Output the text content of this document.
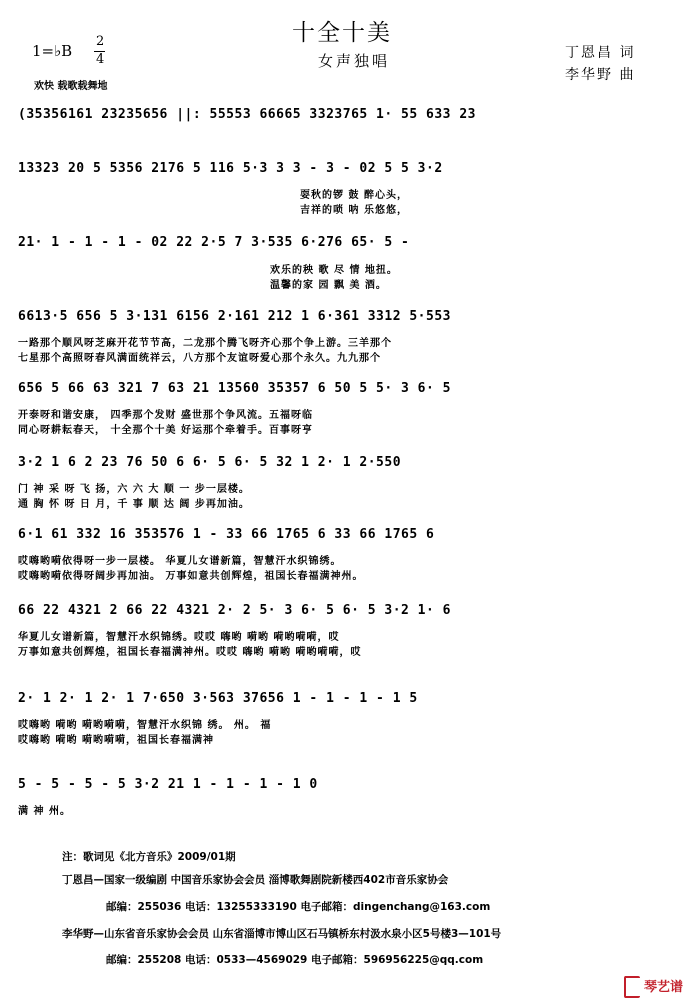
十全十美
女声独唱
1=♭B
2
4
欢快 载歌载舞地
丁恩昌 词
李华野 曲
(35356161 23235656 ||: 55553 66665 3323765 1· 55 633 23
13323 20 5 5356 2176 5 116 5·3 3 3 - 3 - 02 5 5 3·2
耍秋的锣 鼓 醉心头，
吉祥的唢 呐 乐悠悠，
21· 1 - 1 - 1 - 02 22 2·5 7 3·535 6·276 65· 5 -
欢乐的秧 歌 尽 情 地扭。
温馨的家 园 飘 美 酒。
6613·5 656 5 3·131 6156 2·161 212 1 6·361 3312 5·553
一路那个顺风呀芝麻开花节节高，二龙那个腾飞呀齐心那个争上游。三羊那个
七星那个高照呀春风满面统祥云，八方那个友谊呀爱心那个永久。九九那个
656 5 66 63 321 7 63 21 13560 35357 6 50 5 5· 3 6· 5
开泰呀和谐安康， 四季那个发财 盛世那个争风流。五福呀临
同心呀耕耘春天， 十全那个十美 好运那个牵着手。百事呀亨
3·2 1 6 2 23 76 50 6 6· 5 6· 5 32 1 2· 1 2·550
门 神 采 呀 飞 扬，六 六 大 顺 一 步一层楼。
通 胸 怀 呀 日 月，千 事 顺 达 阔 步再加油。
6·1 61 332 16 353576 1 - 33 66 1765 6 33 66 1765 6
哎嗨哟嗬依得呀一步一层楼。 华夏儿女谱新篇，智慧汗水织锦绣。
哎嗨哟嗬依得呀阔步再加油。 万事如意共创辉煌，祖国长春福满神州。
66 22 4321 2 66 22 4321 2· 2 5· 3 6· 5 6· 5 3·2 1· 6
华夏儿女谱新篇，智慧汗水织锦绣。哎哎 嗨哟 嗬哟 嗬哟嗬嗬，哎
万事如意共创辉煌，祖国长春福满神州。哎哎 嗨哟 嗬哟 嗬哟嗬嗬，哎
2· 1 2· 1 2· 1 7·650 3·563 37656 1 - 1 - 1 - 1 5
哎嗨哟 嗬哟 嗬哟嗬嗬，智慧汗水织锦 绣。 州。 福
哎嗨哟 嗬哟 嗬哟嗬嗬，祖国长春福满神
5 - 5 - 5 - 5 3·2 21 1 - 1 - 1 - 1 0
满 神 州。
注：歌词见《北方音乐》2009/01期
丁恩昌—国家一级编剧 中国音乐家协会会员 淄博歌舞剧院新楼西402市音乐家协会
邮编：255036 电话：13255333190 电子邮箱：dingenchang@163.com
李华野—山东省音乐家协会会员 山东省淄博市博山区石马镇桥东村汲水泉小区5号楼3—101号
邮编：255208 电话：0533—4569029 电子邮箱：596956225@qq.com
琴艺谱
